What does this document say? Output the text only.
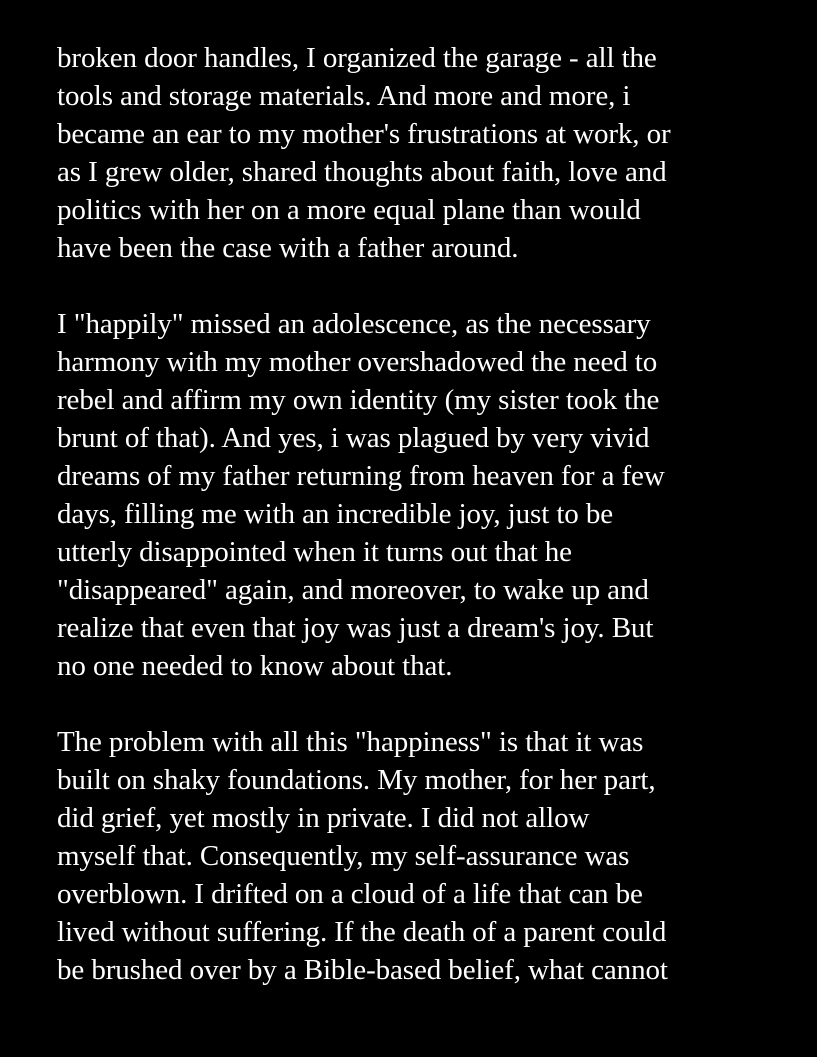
broken door handles, I organized the garage - all the
tools and storage materials. And more and more, i
became an ear to my mother's frustrations at work, or
as I grew older, shared thoughts about faith, love and
politics with her on a more equal plane than would
have been the case with a father around.

I "happily" missed an adolescence, as the necessary
harmony with my mother overshadowed the need to
rebel and affirm my own identity (my sister took the
brunt of that). And yes, i was plagued by very vivid
dreams of my father returning from heaven for a few
days, filling me with an incredible joy, just to be
utterly disappointed when it turns out that he
"disappeared" again, and moreover, to wake up and
realize that even that joy was just a dream's joy. But
no one needed to know about that.

The problem with all this "happiness" is that it was
built on shaky foundations. My mother, for her part,
did grief, yet mostly in private. I did not allow
myself that. Consequently, my self-assurance was
overblown. I drifted on a cloud of a life that can be
lived without suffering. If the death of a parent could
be brushed over by a Bible-based belief, what cannot
